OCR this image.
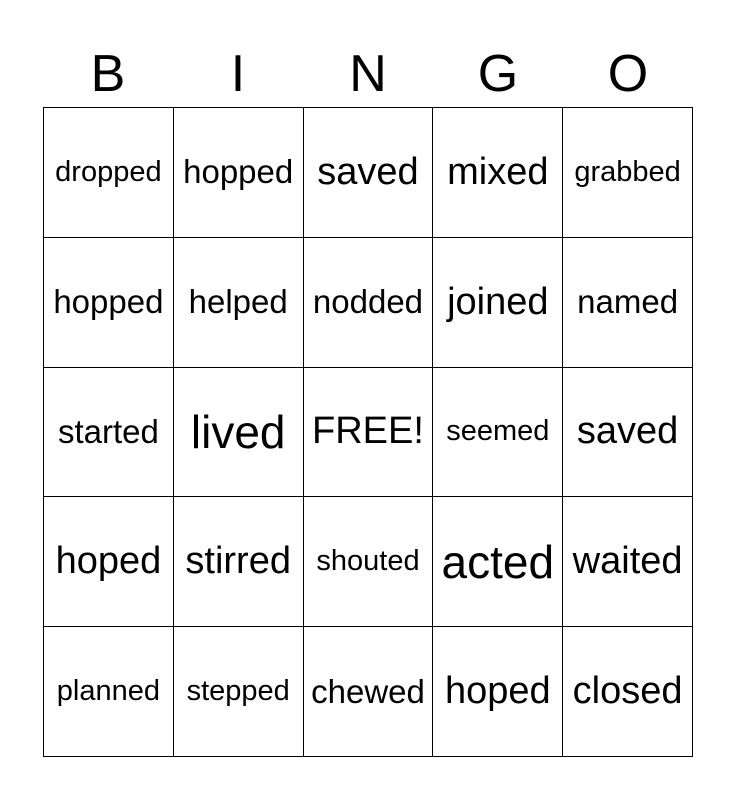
B	I	N	G	O
dropped hopped saved mixed grabbed
hopped helped nodded joined named
started lived FREE! seemed saved
hoped stirred shouted acted waited
planned stepped chewed hoped closed
